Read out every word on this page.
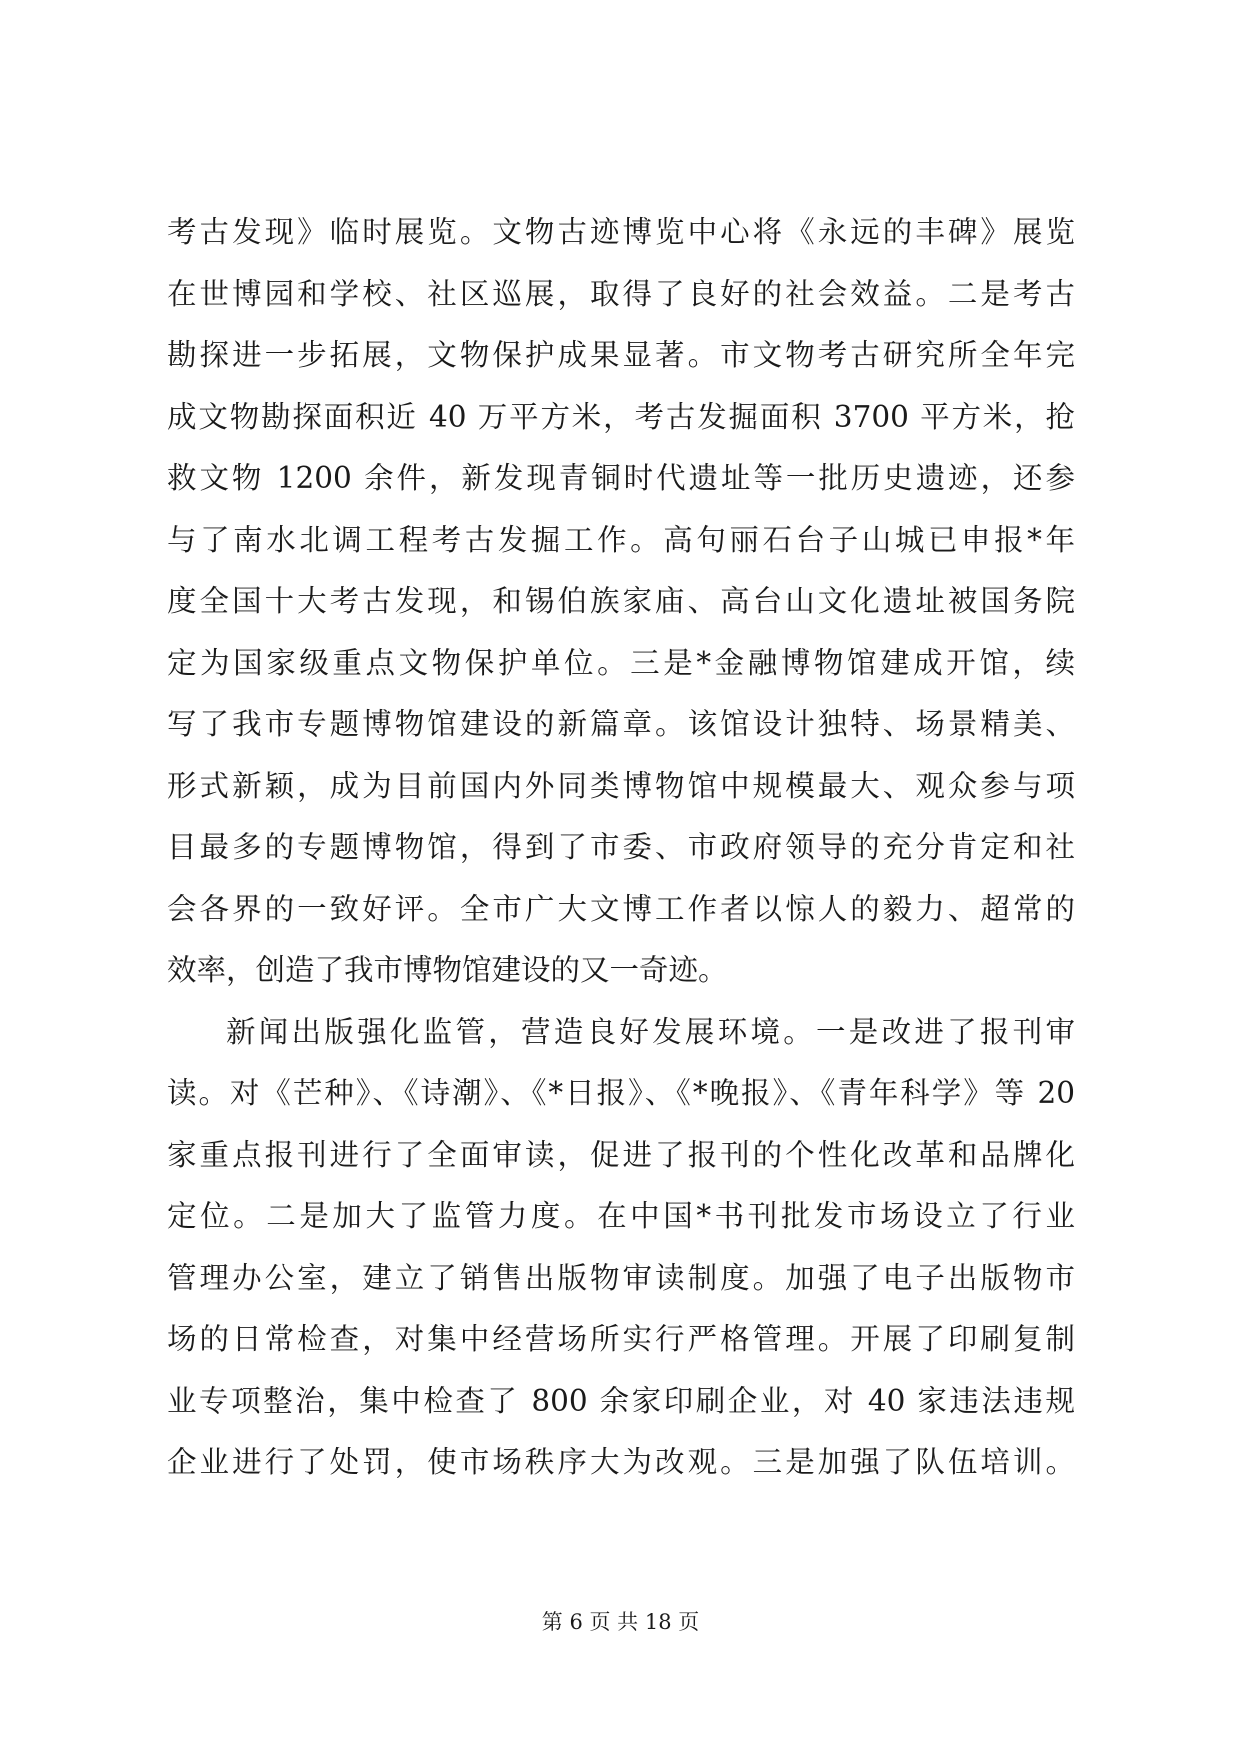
考古发现》临时展览。文物古迹博览中心将《永远的丰碑》展览
在世博园和学校、社区巡展，取得了良好的社会效益。二是考古
勘探进一步拓展，文物保护成果显著。市文物考古研究所全年完
成文物勘探面积近 40 万平方米，考古发掘面积 3700 平方米，抢
救文物 1200 余件，新发现青铜时代遗址等一批历史遗迹，还参
与了南水北调工程考古发掘工作。高句丽石台子山城已申报*年
度全国十大考古发现，和锡伯族家庙、高台山文化遗址被国务院
定为国家级重点文物保护单位。三是*金融博物馆建成开馆，续
写了我市专题博物馆建设的新篇章。该馆设计独特、场景精美、
形式新颖，成为目前国内外同类博物馆中规模最大、观众参与项
目最多的专题博物馆，得到了市委、市政府领导的充分肯定和社
会各界的一致好评。全市广大文博工作者以惊人的毅力、超常的
效率，创造了我市博物馆建设的又一奇迹。
新闻出版强化监管，营造良好发展环境。一是改进了报刊审
读。对《芒种》、《诗潮》、《*日报》、《*晚报》、《青年科学》等 20
家重点报刊进行了全面审读，促进了报刊的个性化改革和品牌化
定位。二是加大了监管力度。在中国*书刊批发市场设立了行业
管理办公室，建立了销售出版物审读制度。加强了电子出版物市
场的日常检查，对集中经营场所实行严格管理。开展了印刷复制
业专项整治，集中检查了 800 余家印刷企业，对 40 家违法违规
企业进行了处罚，使市场秩序大为改观。三是加强了队伍培训。
第 6 页 共 18 页
